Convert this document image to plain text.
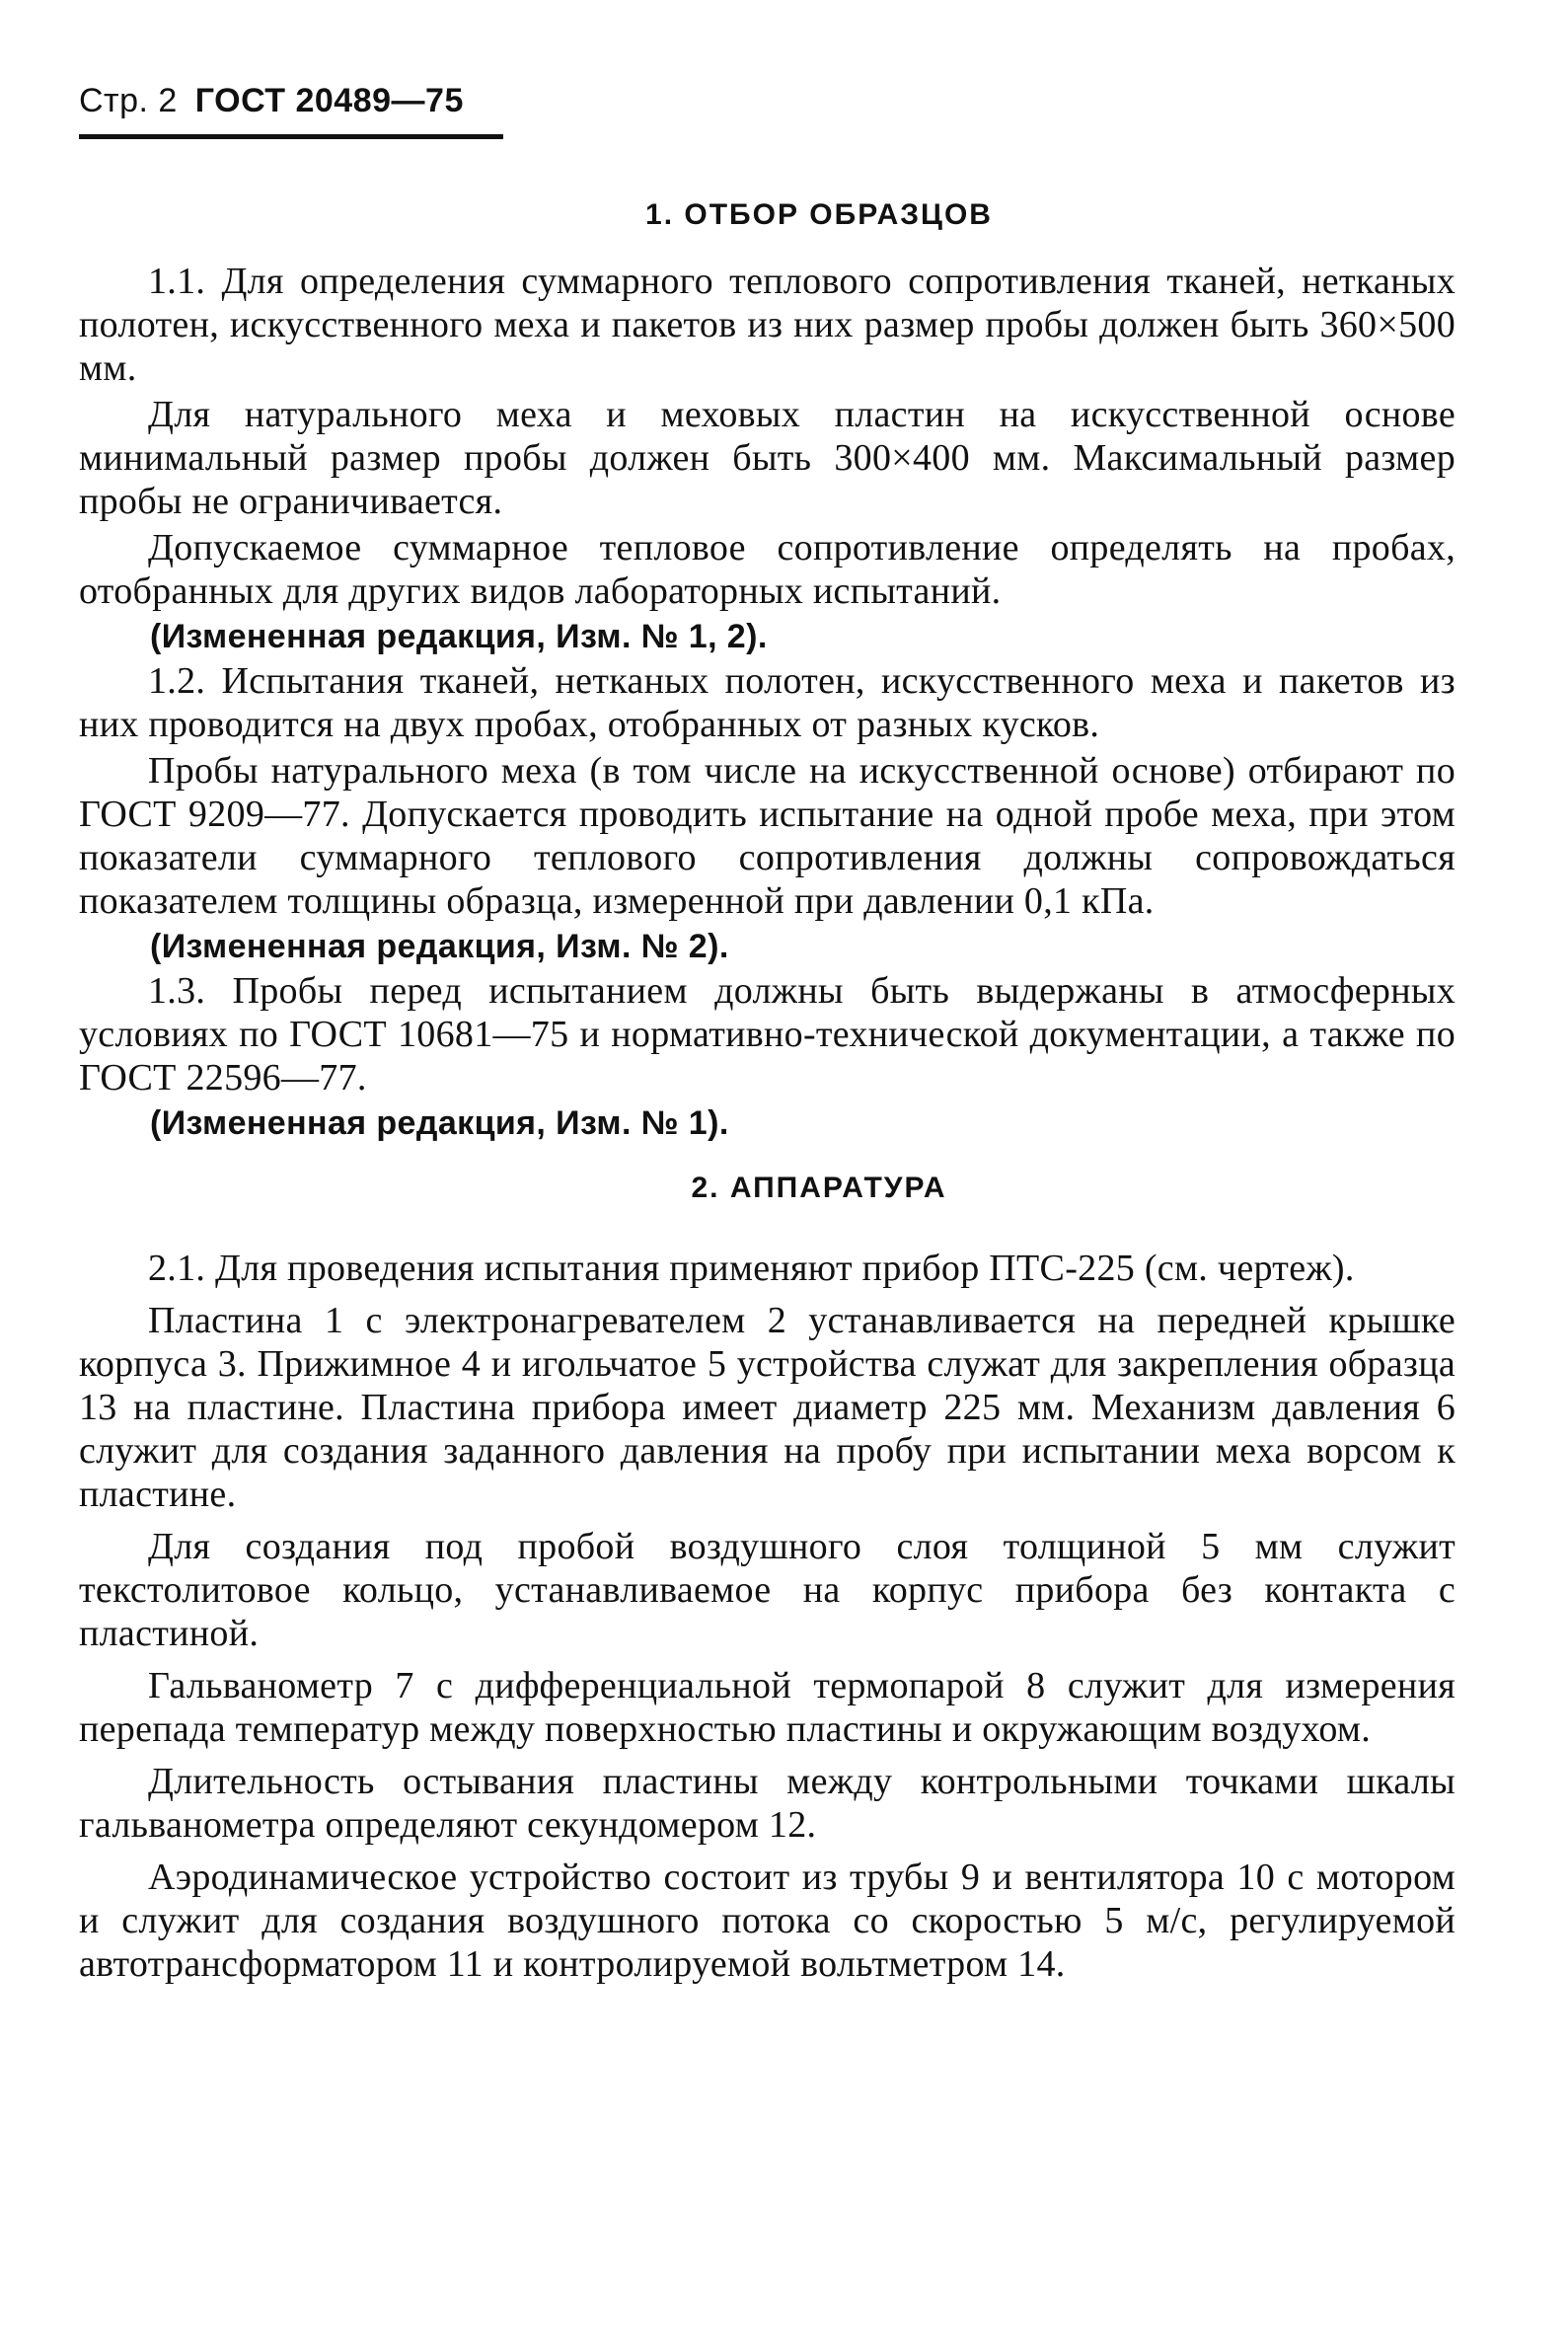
Стр. 2 ГОСТ 20489—75
1. ОТБОР ОБРАЗЦОВ

1.1. Для определения суммарного теплового сопротивления тканей, нетканых полотен, искусственного меха и пакетов из них размер пробы должен быть 360×500 мм.

Для натурального меха и меховых пластин на искусственной основе минимальный размер пробы должен быть 300×400 мм. Максимальный размер пробы не ограничивается.

Допускаемое суммарное тепловое сопротивление определять на пробах, отобранных для других видов лабораторных испытаний.

(Измененная редакция, Изм. № 1, 2).

1.2. Испытания тканей, нетканых полотен, искусственного меха и пакетов из них проводится на двух пробах, отобранных от разных кусков.

Пробы натурального меха (в том числе на искусственной основе) отбирают по ГОСТ 9209—77. Допускается проводить испытание на одной пробе меха, при этом показатели суммарного теплового сопротивления должны сопровождаться показателем толщины образца, измеренной при давлении 0,1 кПа.

(Измененная редакция, Изм. № 2).

1.3. Пробы перед испытанием должны быть выдержаны в атмосферных условиях по ГОСТ 10681—75 и нормативно-технической документации, а также по ГОСТ 22596—77.

(Измененная редакция, Изм. № 1).
2. АППАРАТУРА

2.1. Для проведения испытания применяют прибор ПТС-225 (см. чертеж).

Пластина 1 с электронагревателем 2 устанавливается на передней крышке корпуса 3. Прижимное 4 и игольчатое 5 устройства служат для закрепления образца 13 на пластине. Пластина прибора имеет диаметр 225 мм. Механизм давления 6 служит для создания заданного давления на пробу при испытании меха ворсом к пластине.

Для создания под пробой воздушного слоя толщиной 5 мм служит текстолитовое кольцо, устанавливаемое на корпус прибора без контакта с пластиной.

Гальванометр 7 с дифференциальной термопарой 8 служит для измерения перепада температур между поверхностью пластины и окружающим воздухом.

Длительность остывания пластины между контрольными точками шкалы гальванометра определяют секундомером 12.

Аэродинамическое устройство состоит из трубы 9 и вентилятора 10 с мотором и служит для создания воздушного потока со скоростью 5 м/с, регулируемой автотрансформатором 11 и контролируемой вольтметром 14.
